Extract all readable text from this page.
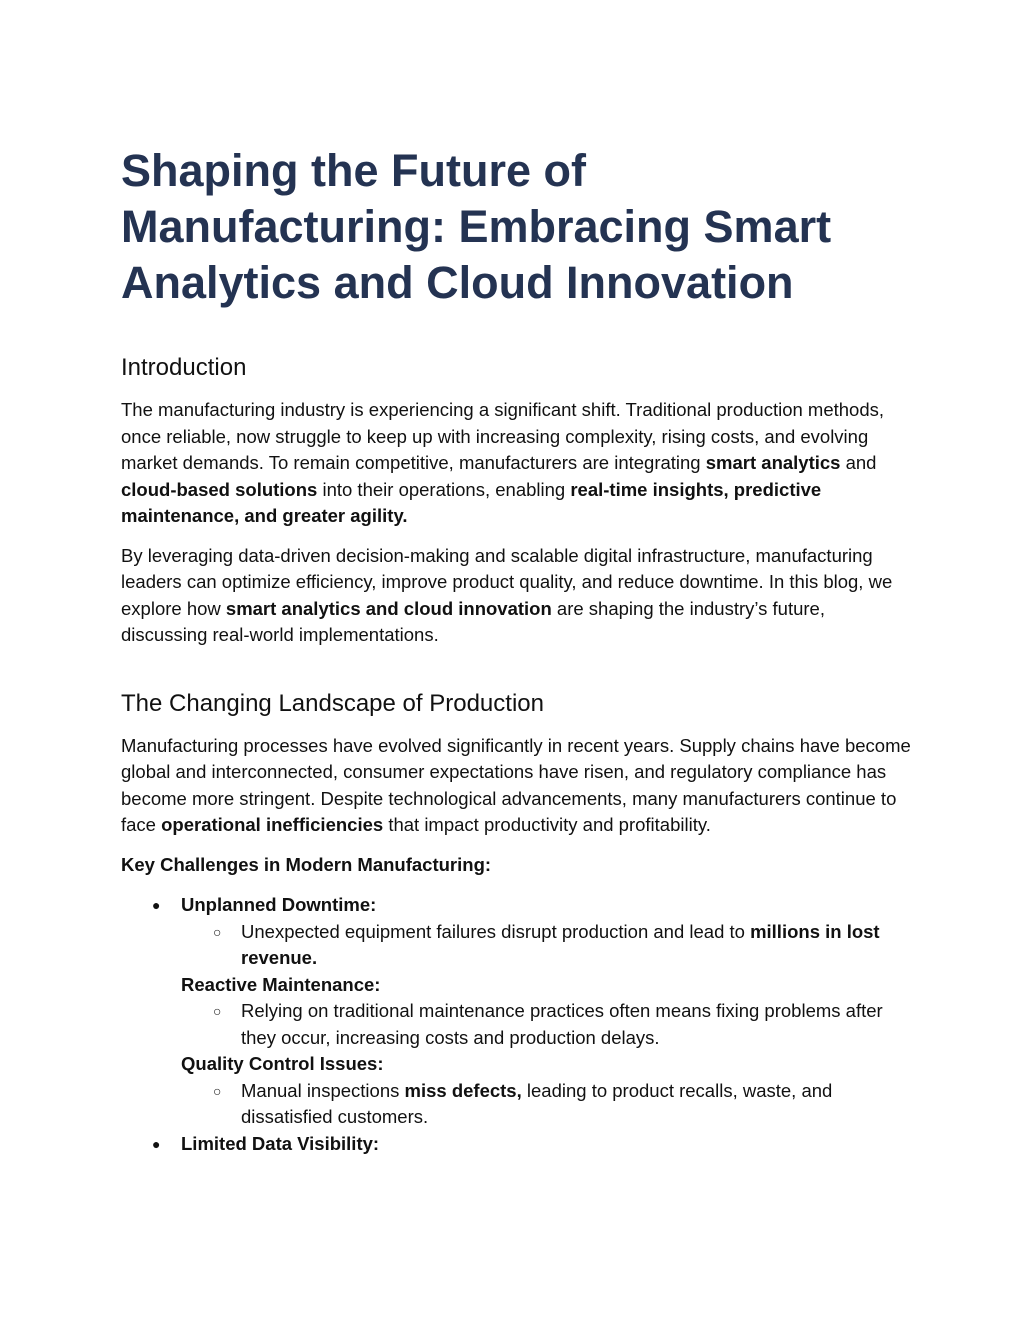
Shaping the Future of Manufacturing: Embracing Smart Analytics and Cloud Innovation
Introduction

The manufacturing industry is experiencing a significant shift. Traditional production methods, once reliable, now struggle to keep up with increasing complexity, rising costs, and evolving market demands. To remain competitive, manufacturers are integrating smart analytics and cloud-based solutions into their operations, enabling real-time insights, predictive maintenance, and greater agility.

By leveraging data-driven decision-making and scalable digital infrastructure, manufacturing leaders can optimize efficiency, improve product quality, and reduce downtime. In this blog, we explore how smart analytics and cloud innovation are shaping the industry’s future, discussing real-world implementations.

The Changing Landscape of Production

Manufacturing processes have evolved significantly in recent years. Supply chains have become global and interconnected, consumer expectations have risen, and regulatory compliance has become more stringent. Despite technological advancements, many manufacturers continue to face operational inefficiencies that impact productivity and profitability.

Key Challenges in Modern Manufacturing:

● Unplanned Downtime:
○ Unexpected equipment failures disrupt production and lead to millions in lost revenue.
Reactive Maintenance:
○ Relying on traditional maintenance practices often means fixing problems after they occur, increasing costs and production delays.
Quality Control Issues:
○ Manual inspections miss defects, leading to product recalls, waste, and dissatisfied customers.
● Limited Data Visibility:
